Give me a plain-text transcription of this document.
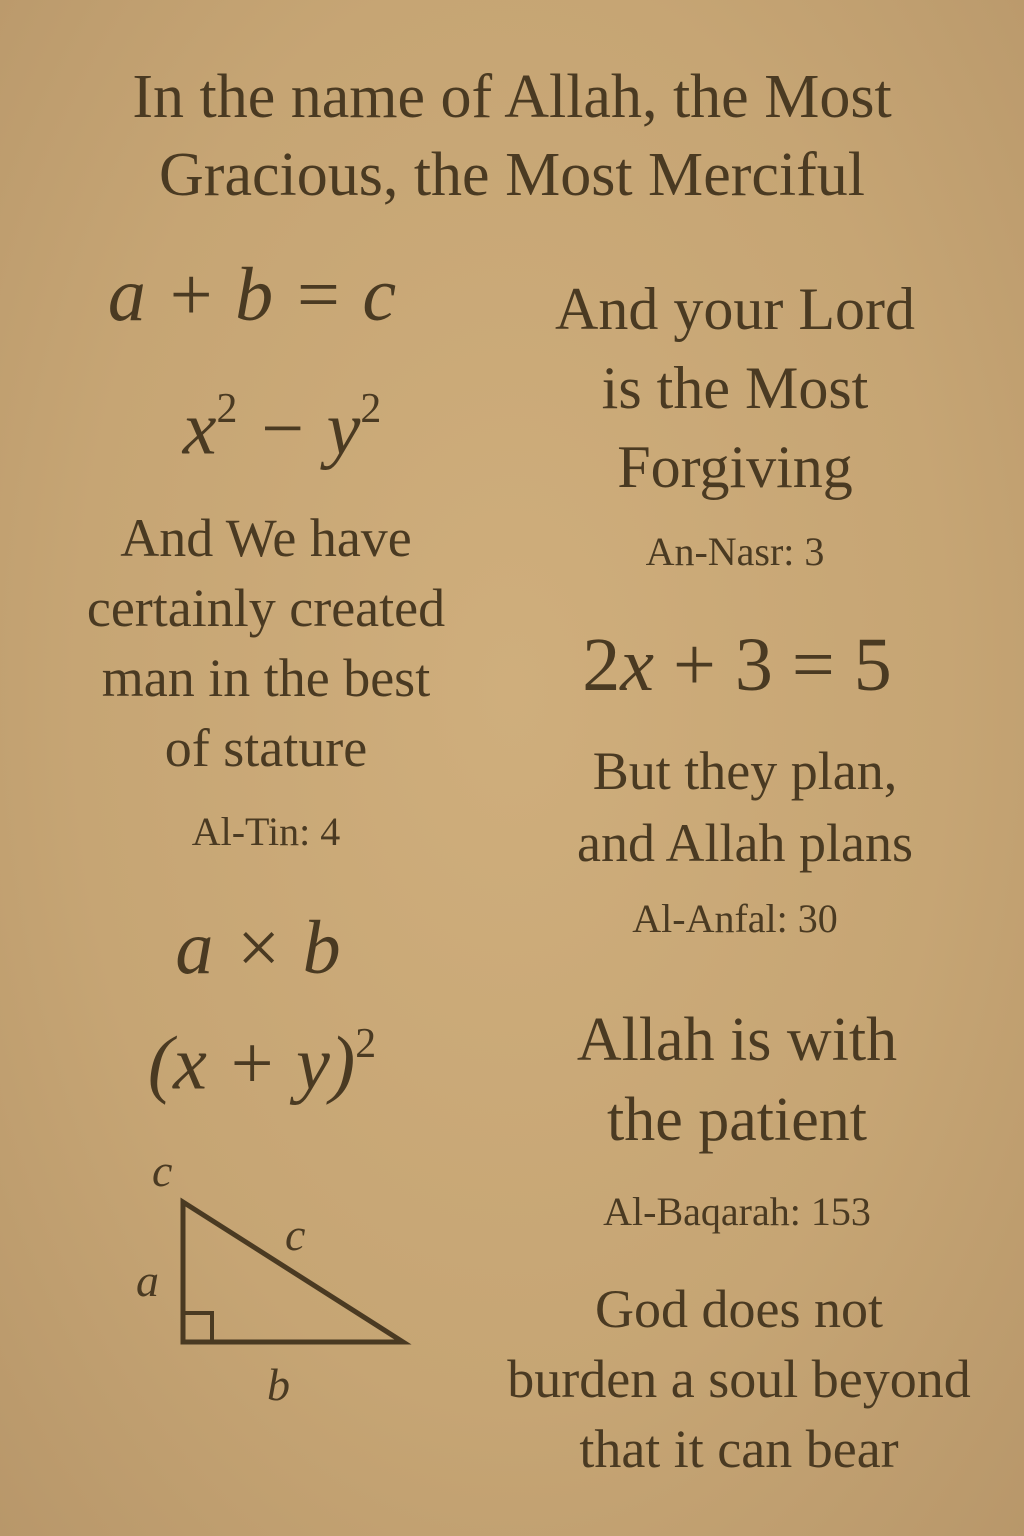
In the name of Allah, the Most
Gracious, the Most Merciful
a + b = c
$x^2 - y^2$
And We have
certainly created
man in the best
of stature
Al-Tin: 4
a × b
$(x + y)^2$
c
a
c
b
And your Lord
is the Most
Forgiving
An-Nasr: 3
2x + 3 = 5
But they plan,
and Allah plans
Al-Anfal: 30
Allah is with
the patient
Al-Baqarah: 153
God does not
burden a soul beyond
that it can bear
